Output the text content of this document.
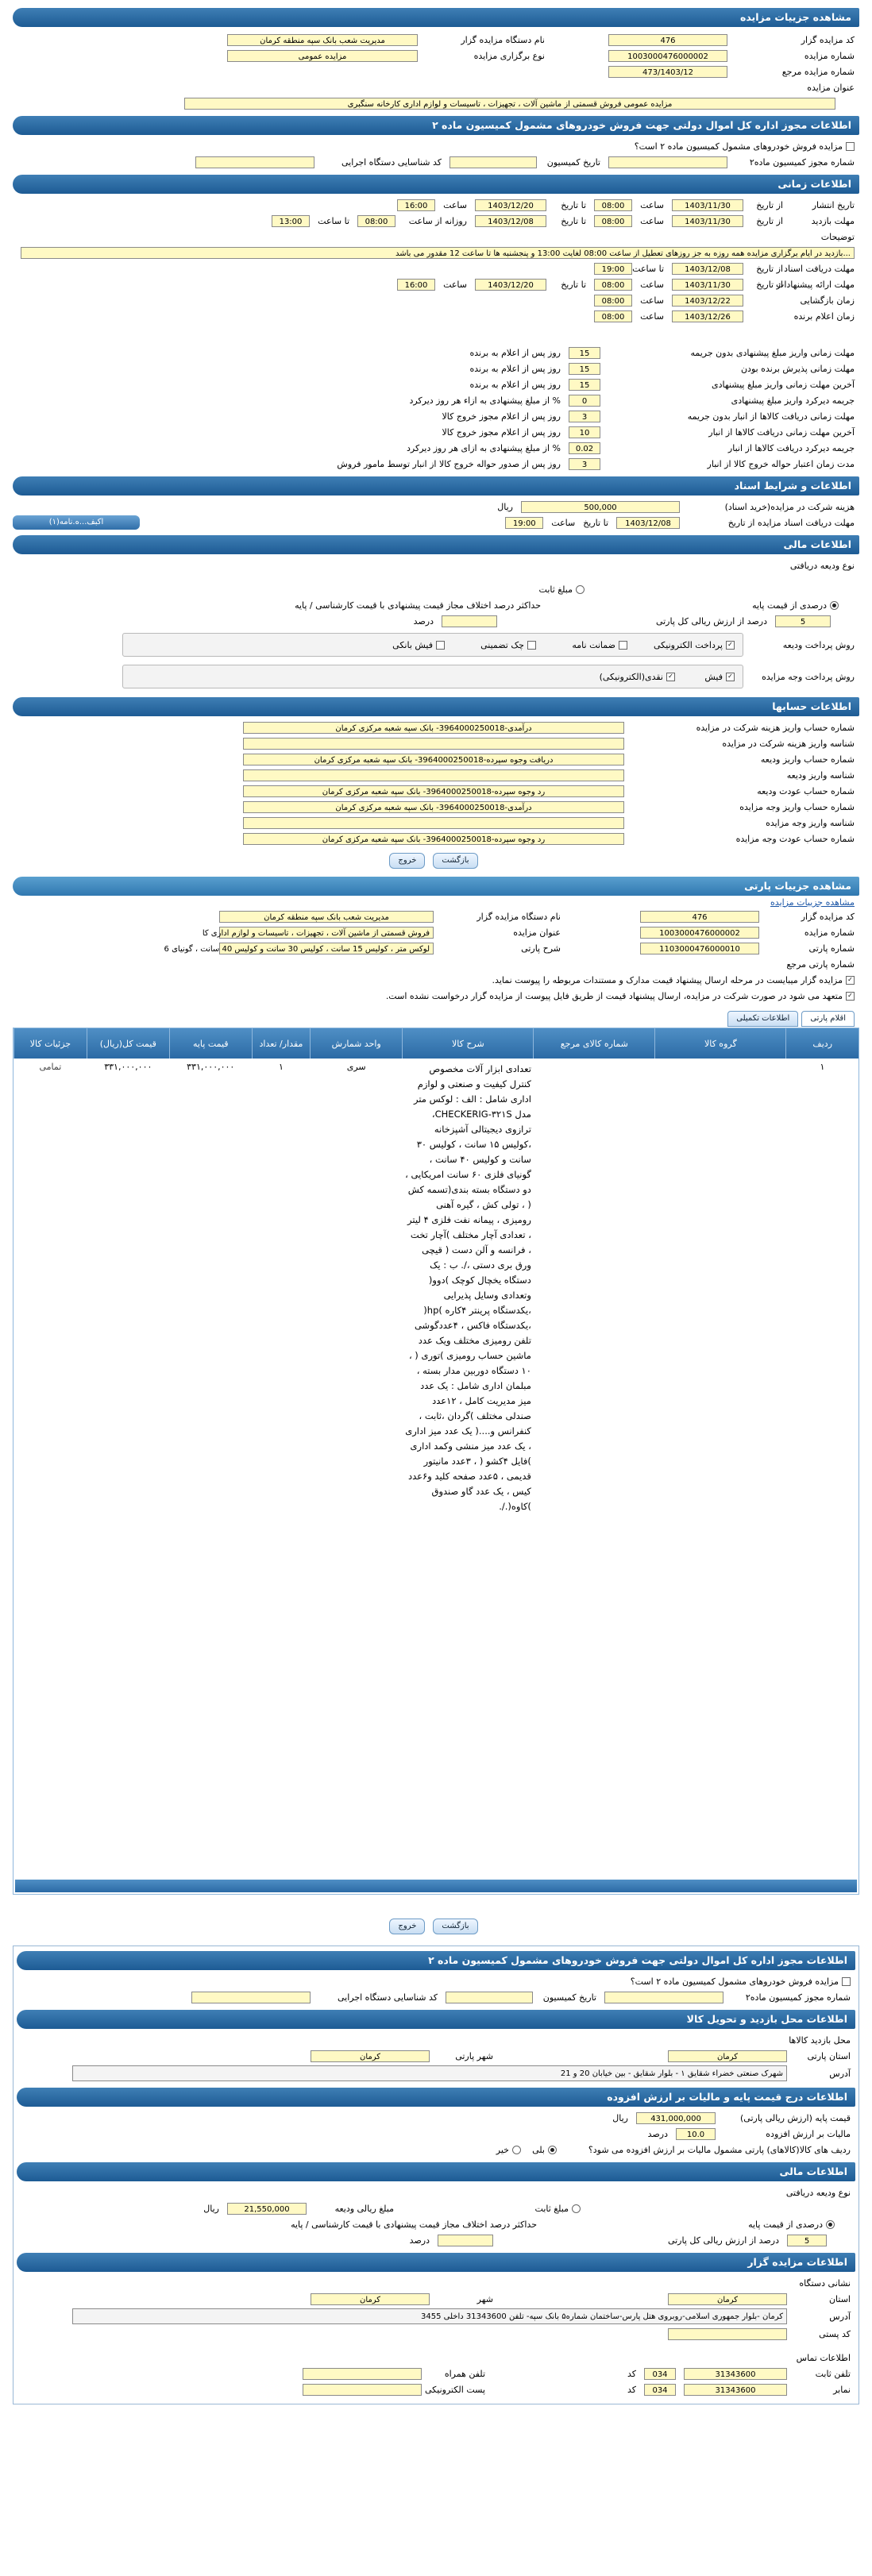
مشاهده جزییات مزایده
کد مزایده گزار
476
نام دستگاه مزایده گزار
مدیریت شعب بانک سپه منطقه کرمان
شماره مزایده
1003000476000002
نوع برگزاری مزایده
مزایده عمومی
شماره مزایده مرجع
473/1403/12
عنوان مزایده
مزایده عمومی فروش قسمتی از ماشین آلات ، تجهیزات ، تاسیسات و لوازم اداری کارخانه سنگبری
اطلاعات مجوز اداره کل اموال دولتی جهت فروش خودروهای مشمول کمیسیون ماده ۲
مزایده فروش خودروهای مشمول کمیسیون ماده ۲ است؟
شماره مجوز کمیسیون ماده۲
تاریخ کمیسیون
کد شناسایی دستگاه اجرایی
اطلاعات زمانی
تاریخ انتشار
از تاریخ
1403/11/30
ساعت
08:00
تا تاریخ
1403/12/20
ساعت
16:00
مهلت بازدید
از تاریخ
1403/11/30
ساعت
08:00
تا تاریخ
1403/12/08
روزانه از ساعت
08:00
تا ساعت
13:00
توضیحات
...بازدید در ایام برگزاری مزایده همه روزه به جز روزهای تعطیل از ساعت 08:00 لغایت 13:00 و پنجشنبه ها تا ساعت 12 مقدور می باشد
مهلت دریافت اسناد
از تاریخ
1403/12/08
تا ساعت
19:00
مهلت ارائه پیشنهادات
از تاریخ
1403/11/30
ساعت
08:00
تا تاریخ
1403/12/20
ساعت
16:00
زمان بازگشایی
1403/12/22
ساعت
08:00
زمان اعلام برنده
1403/12/26
ساعت
08:00
مهلت زمانی واریز مبلغ پیشنهادی بدون جریمه
15
روز پس از اعلام به برنده
مهلت زمانی پذیرش برنده بودن
15
روز پس از اعلام به برنده
آخرین مهلت زمانی واریز مبلغ پیشنهادی
15
روز پس از اعلام به برنده
جریمه دیرکرد واریز مبلغ پیشنهادی
0
% از مبلغ پیشنهادی به ازاء هر روز دیرکرد
مهلت زمانی دریافت کالاها از انبار بدون جریمه
3
روز پس از اعلام مجوز خروج کالا
آخرین مهلت زمانی دریافت کالاها از انبار
10
روز پس از اعلام مجوز خروج کالا
جریمه دیرکرد دریافت کالاها از انبار
0.02
% از مبلغ پیشنهادی به ازای هر روز دیرکرد
مدت زمان اعتبار حواله خروج کالا از انبار
3
روز پس از صدور حواله خروج کالا از انبار توسط مامور فروش
اطلاعات و شرایط اسناد
هزینه شرکت در مزایده(خرید اسناد)
500,000
ریال
مهلت دریافت اسناد مزایده از تاریخ
1403/12/08
تا تاریخ
ساعت
19:00
اکبف...ه.نامه(۱)
اطلاعات مالی
نوع ودیعه دریافتی
مبلغ ثابت
درصدی از قیمت پایه
حداکثر درصد اختلاف مجاز قیمت پیشنهادی با قیمت کارشناسی / پایه
5
درصد از ارزش ریالی کل پارتی
درصد
روش پرداخت ودیعه
✓
پرداخت الکترونیکی
ضمانت نامه
چک تضمینی
فیش بانکی
روش پرداخت وجه مزایده
✓
فیش
✓
نقدی(الکترونیکی)
اطلاعات حسابها
شماره حساب واریز هزینه شرکت در مزایده
درآمدی-3964000250018- بانک سپه شعبه مرکزی کرمان
شناسه واریز هزینه شرکت در مزایده
شماره حساب واریز ودیعه
دریافت وجوه سپرده-3964000250018- بانک سپه شعبه مرکزی کرمان
شناسه واریز ودیعه
شماره حساب عودت ودیعه
رد وجوه سپرده-3964000250018- بانک سپه شعبه مرکزی کرمان
شماره حساب واریز وجه مزایده
درآمدی-3964000250018- بانک سپه شعبه مرکزی کرمان
شناسه واریز وجه مزایده
شماره حساب عودت وجه مزایده
رد وجوه سپرده-3964000250018- بانک سپه شعبه مرکزی کرمان
بازگشت
خروج
مشاهده جزییات پارتی
مشاهده جزییات مزایده
کد مزایده گزار
476
نام دستگاه مزایده گزار
مدیریت شعب بانک سپه منطقه کرمان
شماره مزایده
1003000476000002
عنوان مزایده
فروش قسمتی از ماشین آلات ، تجهیزات ، تاسیسات و لوازم اداری کا
شماره پارتی
1103000476000010
شرح پارتی
لوکس متر ، کولیس 15 سانت ، کولیس 30 سانت و کولیس 40 سانت ، گونیای 6
شماره پارتی مرجع
✓
مزایده گزار میبایست در مرحله ارسال پیشنهاد قیمت مدارک و مستندات مربوطه را پیوست نماید.
✓
متعهد می شود در صورت شرکت در مزایده، ارسال پیشنهاد قیمت از طریق فایل پیوست از مزایده گزار درخواست نشده است.
اقلام پارتی
اطلاعات تکمیلی
ردیف	گروه کالا	شماره کالای مرجع	شرح کالا	واحد شمارش	مقدار/ تعداد	قیمت پایه	قیمت کل(ریال)	جزئیات کالا
۱			تعدادی ابزار آلات مخصوص کنترل کیفیت و صنعتی و لوازم اداری شامل : الف : لوکس متر مدل CHECKERIG-۳۲۱S، ترازوی دیجیتالی آشپزخانه ،کولیس ۱۵ سانت ، کولیس ۳۰ سانت و کولیس ۴۰ سانت ، گونیای فلزی ۶۰ سانت امریکایی ، دو دستگاه بسته بندی(تسمه کش ( ، تولی کش ، گیره آهنی رومیزی ، پیمانه نفت فلزی ۴ لیتر ، تعدادی آچار مختلف )آچار تخت ، فرانسه و آلن دست ( قیچی ورق بری دستی ،/. ب : یک دستگاه یخچال کوچک )دوو( وتعدادی وسایل پذیرایی ،یکدستگاه پرینتر ۴کاره )hp( ،یکدستگاه فاکس ، ۴عددگوشی تلفن رومیزی مختلف ویک عدد ماشین حساب رومیزی )توری ( ، ۱۰ دستگاه دوربین مدار بسته ، مبلمان اداری شامل : یک عدد میز مدیریت کامل ، ۱۲عدد صندلی مختلف )گردان ،ثابت ، کنفرانس و....( یک عدد میز اداری ، یک عدد میز منشی وکمد اداری )فایل ۴کشو ( ، ۳عدد مانیتور قدیمی ، ۵عدد صفحه کلید و۶عدد کیس ، یک عدد گاو صندوق )کاوه(./.	سری	۱	۳۳۱,۰۰۰,۰۰۰	۳۳۱,۰۰۰,۰۰۰	تمامی
بازگشت
خروج
اطلاعات مجوز اداره کل اموال دولتی جهت فروش خودروهای مشمول کمیسیون ماده ۲
مزایده فروش خودروهای مشمول کمیسیون ماده ۲ است؟
شماره مجوز کمیسیون ماده۲
تاریخ کمیسیون
کد شناسایی دستگاه اجرایی
اطلاعات محل بازدید و تحویل کالا
محل بازدید کالاها
استان پارتی
کرمان
شهر پارتی
کرمان
آدرس
شهرک صنعتی خضراء شقایق ۱ - بلوار شقایق - بین خیابان 20 و 21
اطلاعات درج قیمت پایه و مالیات بر ارزش افزوده
قیمت پایه (ارزش ریالی پارتی)
431,000,000
ریال
مالیات بر ارزش افزوده
10.0
درصد
ردیف های کالا(کالاهای) پارتی مشمول مالیات بر ارزش افزوده می شود؟
بلی
خیر
اطلاعات مالی
نوع ودیعه دریافتی
مبلغ ثابت
مبلغ ریالی ودیعه
21,550,000
ریال
درصدی از قیمت پایه
حداکثر درصد اختلاف مجاز قیمت پیشنهادی با قیمت کارشناسی / پایه
5
درصد از ارزش ریالی کل پارتی
درصد
اطلاعات مزایده گزار
نشانی دستگاه
استان
کرمان
شهر
کرمان
آدرس
کرمان -بلوار جمهوری اسلامی-روبروی هتل پارس-ساختمان شماره۵ بانک سپه- تلفن 31343600 داخلی 3455
کد پستی
اطلاعات تماس
تلفن ثابت
31343600
034
کد
تلفن همراه
نمابر
31343600
034
کد
پست الکترونیکی
